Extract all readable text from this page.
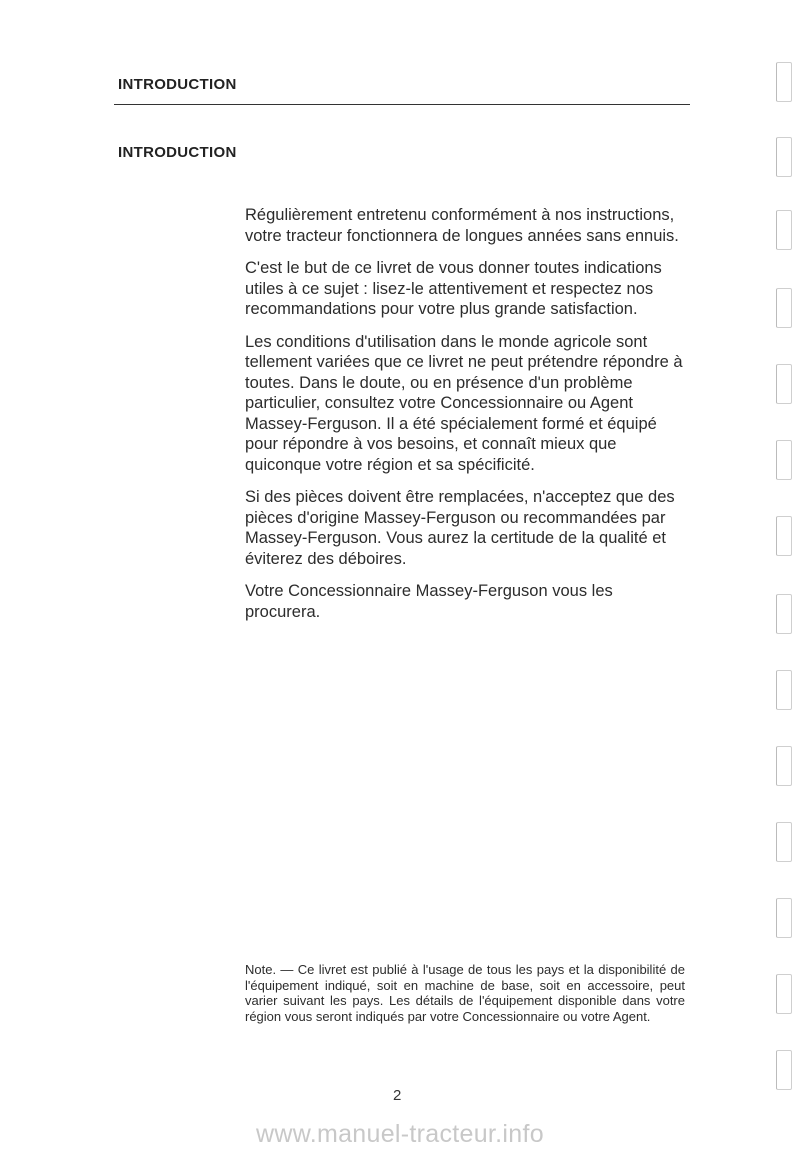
INTRODUCTION
INTRODUCTION

Régulièrement entretenu conformément à nos instructions, votre tracteur fonctionnera de longues années sans ennuis.

C'est le but de ce livret de vous donner toutes indications utiles à ce sujet : lisez-le attentivement et respectez nos recommandations pour votre plus grande satisfaction.

Les conditions d'utilisation dans le monde agricole sont tellement variées que ce livret ne peut prétendre répondre à toutes. Dans le doute, ou en présence d'un problème particulier, consultez votre Concessionnaire ou Agent Massey-Ferguson. Il a été spécialement formé et équipé pour répondre à vos besoins, et connaît mieux que quiconque votre région et sa spécificité.

Si des pièces doivent être remplacées, n'acceptez que des pièces d'origine Massey-Ferguson ou recommandées par Massey-Ferguson. Vous aurez la certitude de la qualité et éviterez des déboires.

Votre Concessionnaire Massey-Ferguson vous les procurera.

Note. — Ce livret est publié à l'usage de tous les pays et la disponibilité de l'équipement indiqué, soit en machine de base, soit en accessoire, peut varier suivant les pays. Les détails de l'équipement disponible dans votre région vous seront indiqués par votre Concessionnaire ou votre Agent.
2
www.manuel-tracteur.info
